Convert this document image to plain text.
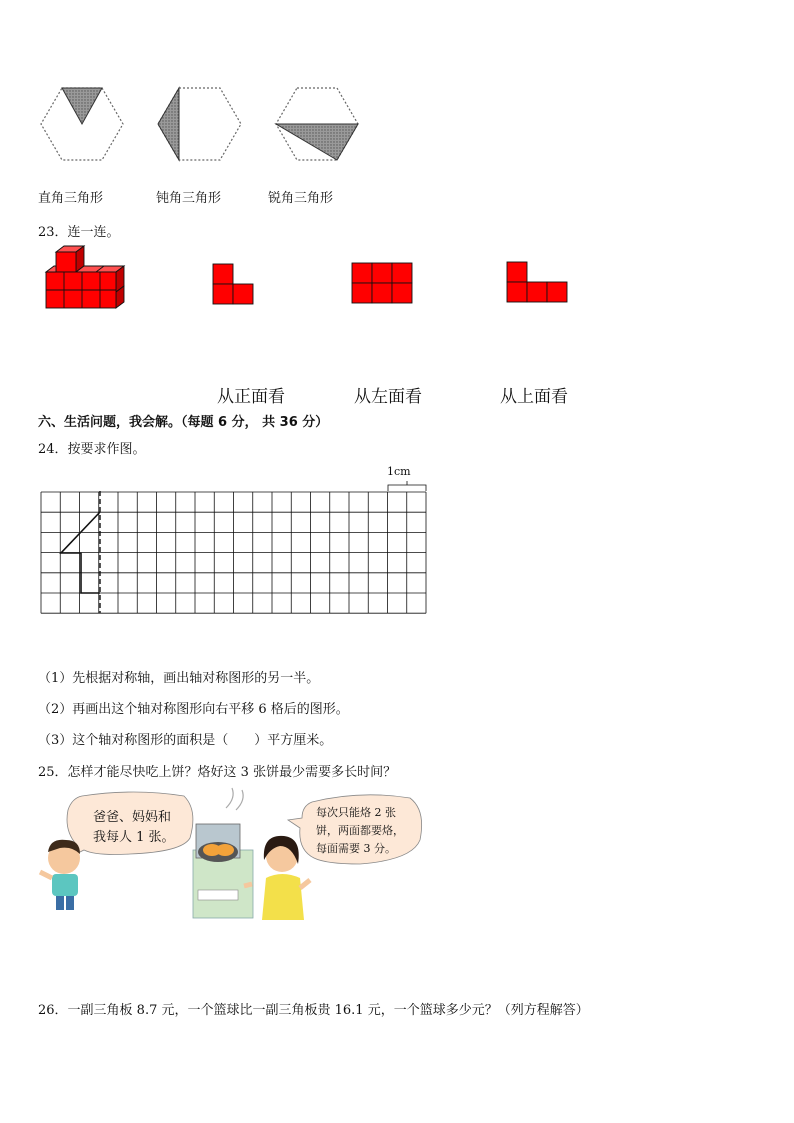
直角三角形	钝角三角形	锐角三角形
23．连一连。
从正面看	从左面看	从上面看
六、生活问题，我会解。（每题 6 分， 共 36 分）
24．按要求作图。
1cm
（1）先根据对称轴，画出轴对称图形的另一半。
（2）再画出这个轴对称图形向右平移 6 格后的图形。
（3）这个轴对称图形的面积是（　　）平方厘米。
25．怎样才能尽快吃上饼？烙好这 3 张饼最少需要多长时间？
爸爸、妈妈和
我每人 1 张。
每次只能烙 2 张
饼，两面都要烙，
每面需要 3 分。
26．一副三角板 8.7 元，一个篮球比一副三角板贵 16.1 元，一个篮球多少元？（列方程解答）
